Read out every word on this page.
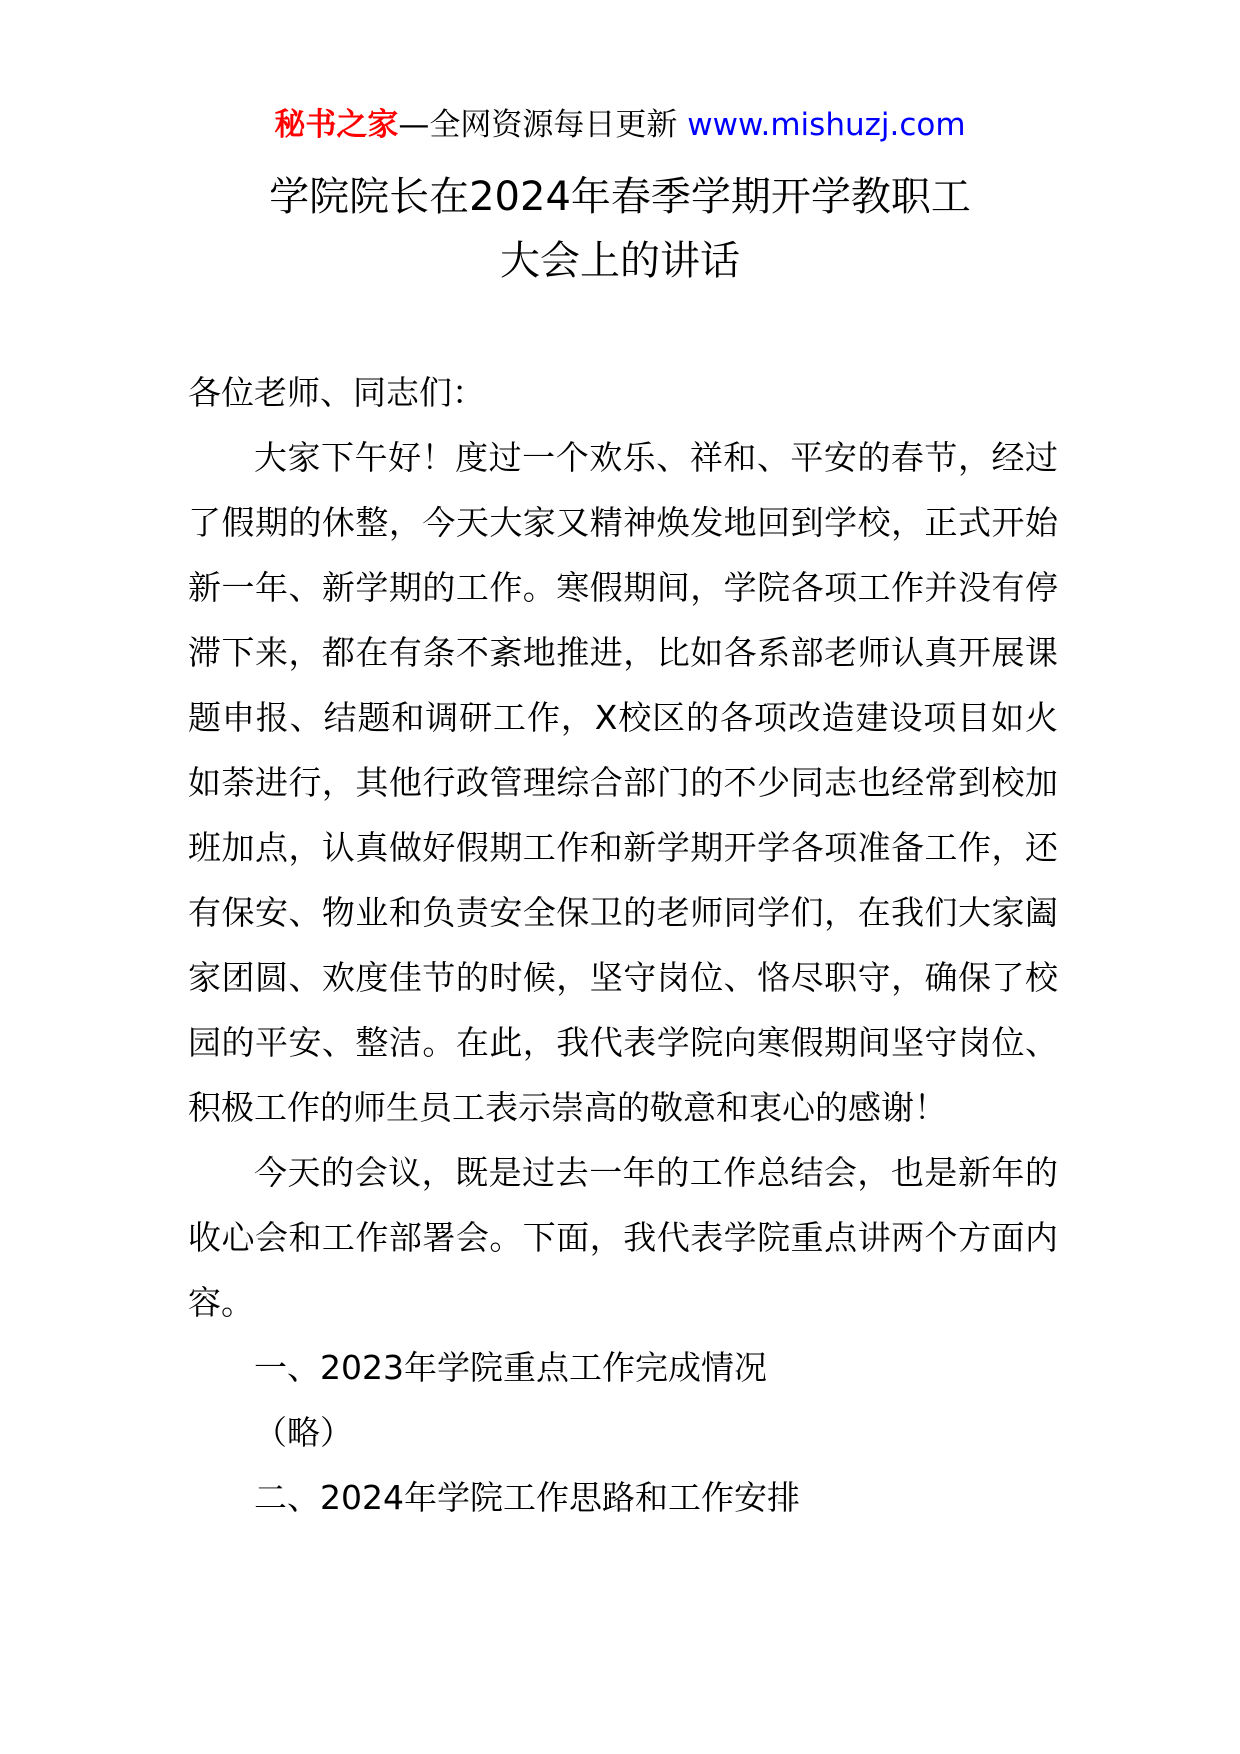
秘书之家—全网资源每日更新 www.mishuzj.com
学院院长在2024年春季学期开学教职工
大会上的讲话

各位老师、同志们：

大家下午好！度过一个欢乐、祥和、平安的春节，经过了假期的休整，今天大家又精神焕发地回到学校，正式开始新一年、新学期的工作。寒假期间，学院各项工作并没有停滞下来，都在有条不紊地推进，比如各系部老师认真开展课题申报、结题和调研工作，X校区的各项改造建设项目如火如荼进行，其他行政管理综合部门的不少同志也经常到校加班加点，认真做好假期工作和新学期开学各项准备工作，还有保安、物业和负责安全保卫的老师同学们，在我们大家阖家团圆、欢度佳节的时候，坚守岗位、恪尽职守，确保了校园的平安、整洁。在此，我代表学院向寒假期间坚守岗位、积极工作的师生员工表示崇高的敬意和衷心的感谢！

今天的会议，既是过去一年的工作总结会，也是新年的收心会和工作部署会。下面，我代表学院重点讲两个方面内容。

一、2023年学院重点工作完成情况

（略）

二、2024年学院工作思路和工作安排
